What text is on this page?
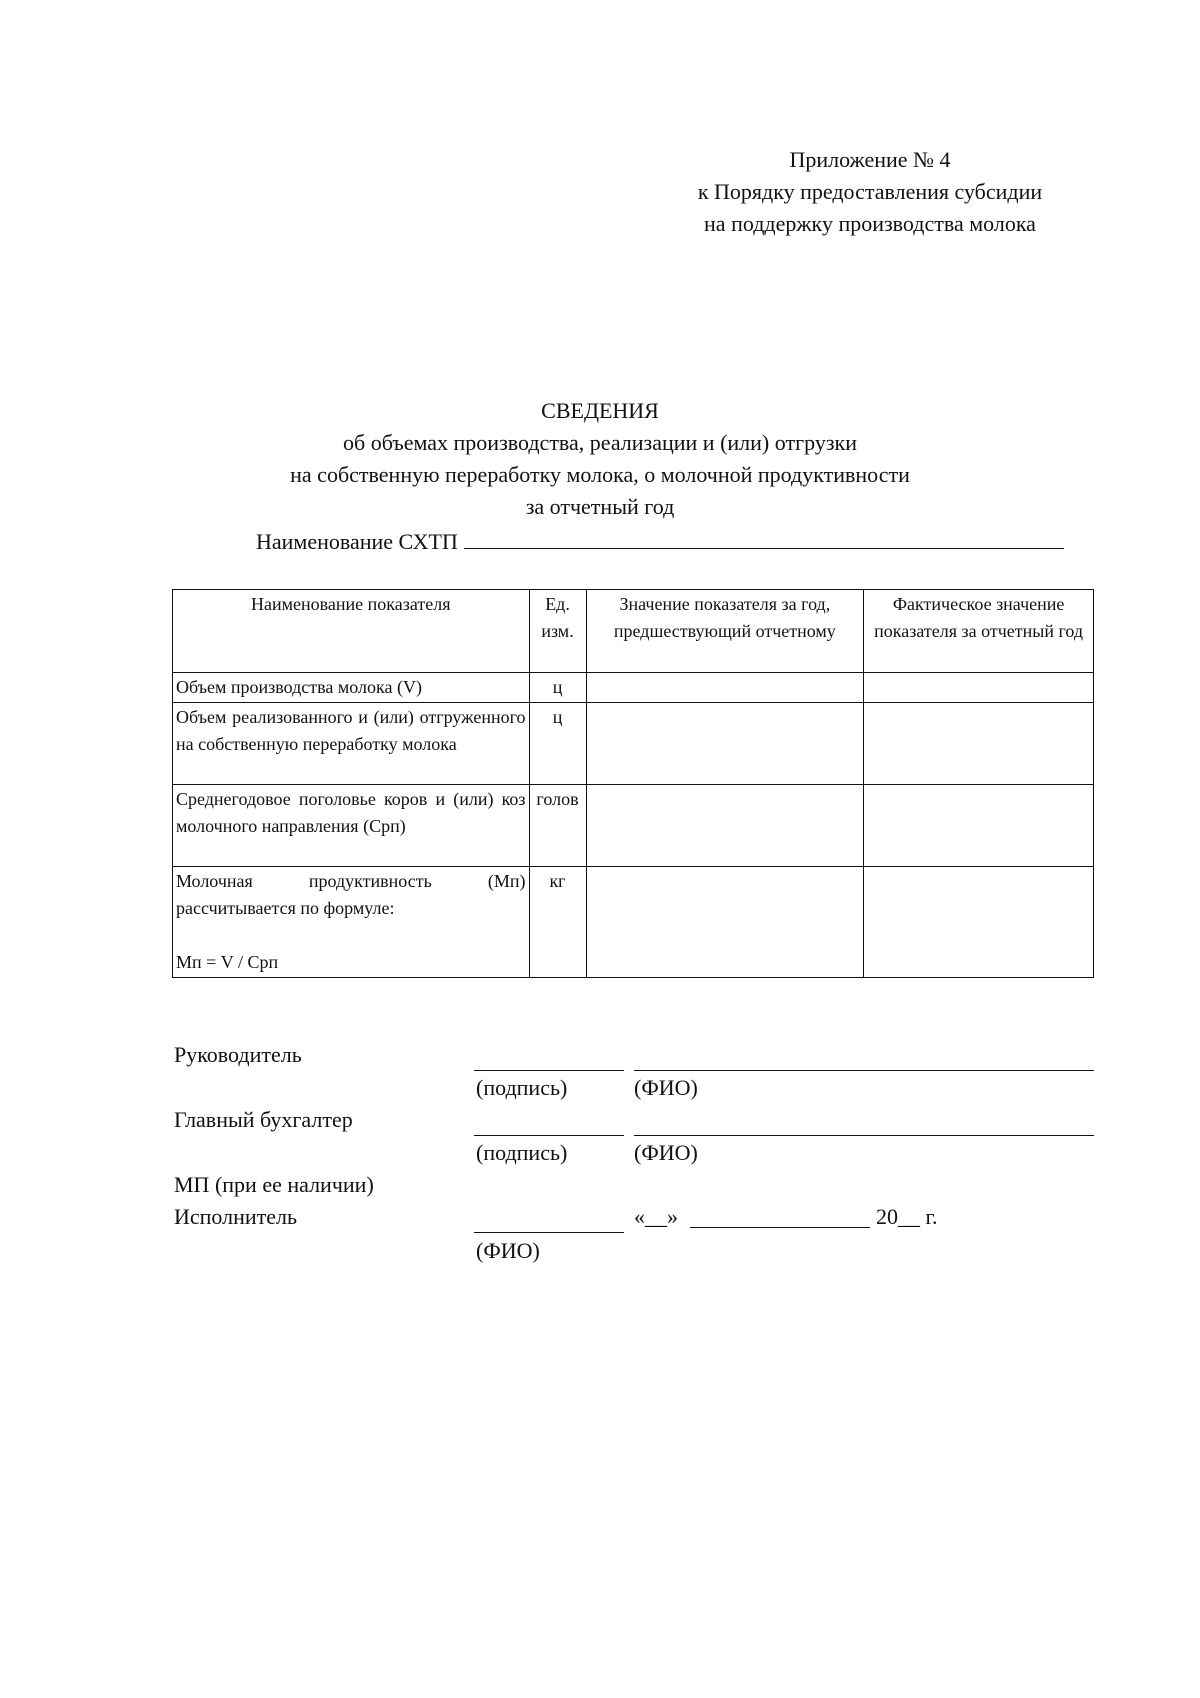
Приложение № 4
к Порядку предоставления субсидии
на поддержку производства молока
СВЕДЕНИЯ
об объемах производства, реализации и (или) отгрузки
на собственную переработку молока, о молочной продуктивности
за отчетный год
Наименование СХТП
Наименование показателя	Ед. изм.	Значение показателя за год, предшествующий отчетному	Фактическое значение показателя за отчетный год
Объем производства молока (V)	ц		
Объем реализованного и (или) отгруженного на собственную переработку молока	ц		
Среднегодовое поголовье коров и (или) коз молочного направления (Срп)	голов		

Молочная продуктивность (Мп) рассчитывается по формуле:
Мп = V / Срп	кг		
Руководитель
(подпись)	(ФИО)
Главный бухгалтер
(подпись)	(ФИО)
МП (при ее наличии)
Исполнитель	«__»	20__ г.
(ФИО)
